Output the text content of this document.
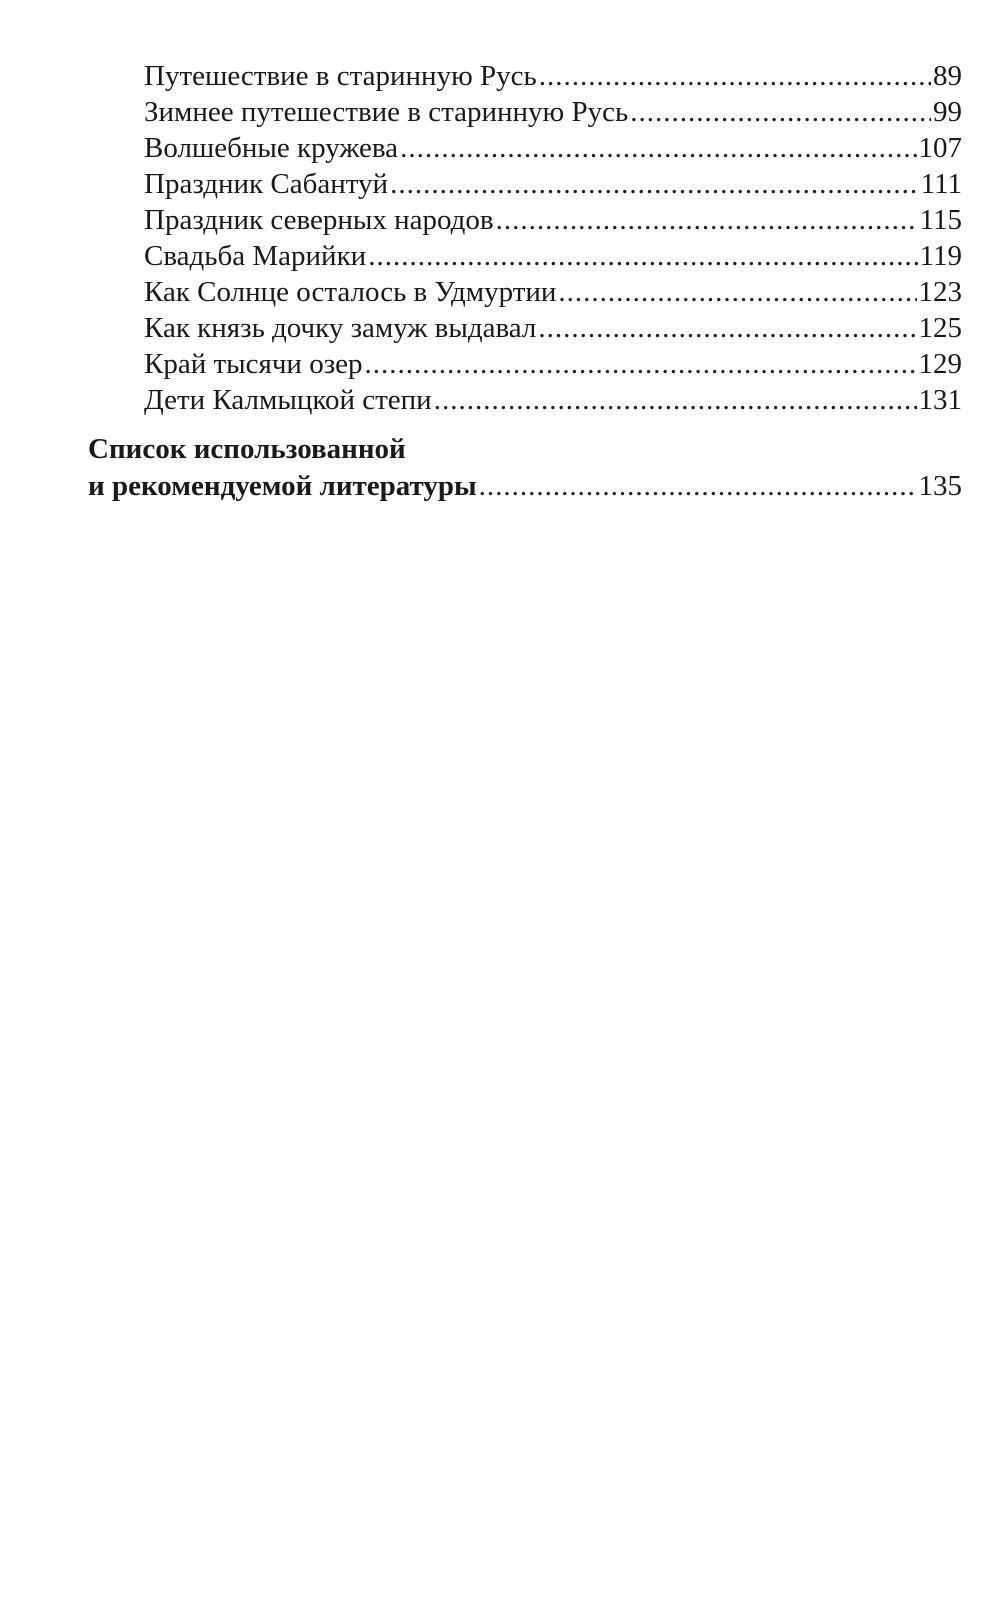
Путешествие в старинную Русь .....	89
Зимнее путешествие в старинную Русь .....	99
Волшебные кружева .....	107
Праздник Сабантуй .....	111
Праздник северных народов .....	115
Свадьба Марийки .....	119
Как Солнце осталось в Удмуртии .....	123
Как князь дочку замуж выдавал .....	125
Край тысячи озер .....	129
Дети Калмыцкой степи .....	131
Список использованной
и рекомендуемой литературы .....	135
